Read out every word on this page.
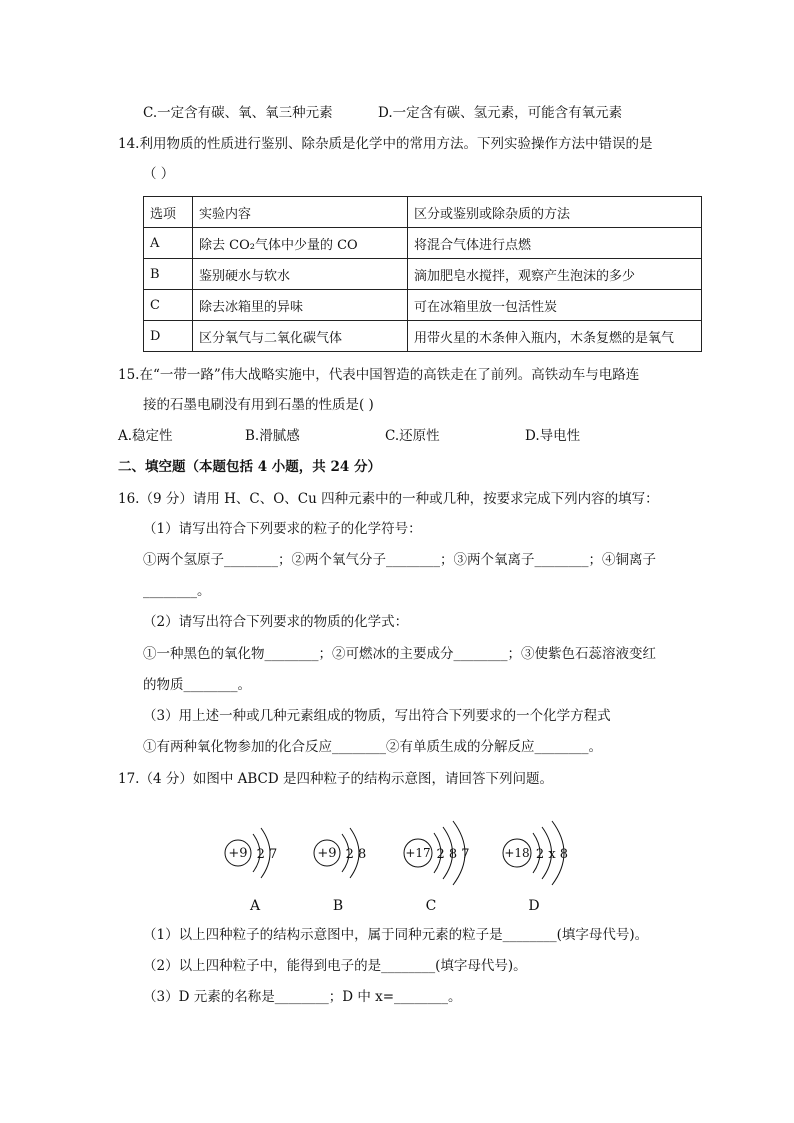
C.一定含有碳、氧、氧三种元素	D.一定含有碳、氢元素，可能含有氧元素
14.利用物质的性质进行鉴别、除杂质是化学中的常用方法。下列实验操作方法中错误的是
（ ）
选项	实验内容	区分或鉴别或除杂质的方法
A	除去 CO₂气体中少量的 CO	将混合气体进行点燃
B	鉴别硬水与软水	滴加肥皂水搅拌，观察产生泡沫的多少
C	除去冰箱里的异味	可在冰箱里放一包活性炭
D	区分氧气与二氧化碳气体	用带火星的木条伸入瓶内，木条复燃的是氧气
15.在“一带一路”伟大战略实施中，代表中国智造的高铁走在了前列。高铁动车与电路连
接的石墨电刷没有用到石墨的性质是( )
A.稳定性	B.滑腻感	C.还原性	D.导电性
二、填空题（本题包括 4 小题，共 24 分）
16.（9 分）请用 H、C、O、Cu 四种元素中的一种或几种，按要求完成下列内容的填写：
（1）请写出符合下列要求的粒子的化学符号：
①两个氢原子________；②两个氧气分子________；③两个氧离子________；④铜离子
________。
（2）请写出符合下列要求的物质的化学式：
①一种黑色的氧化物________；②可燃冰的主要成分________；③使紫色石蕊溶液变红
的物质________。
（3）用上述一种或几种元素组成的物质，写出符合下列要求的一个化学方程式
①有两种氧化物参加的化合反应________②有单质生成的分解反应________。
17.（4 分）如图中 ABCD 是四种粒子的结构示意图，请回答下列问题。
+9 2 7	+9 2 8	+17 2 8 7	+18 2 x 8
A	B	C	D
（1）以上四种粒子的结构示意图中，属于同种元素的粒子是________(填字母代号)。
（2）以上四种粒子中，能得到电子的是________(填字母代号)。
（3）D 元素的名称是________；D 中 x=________。
